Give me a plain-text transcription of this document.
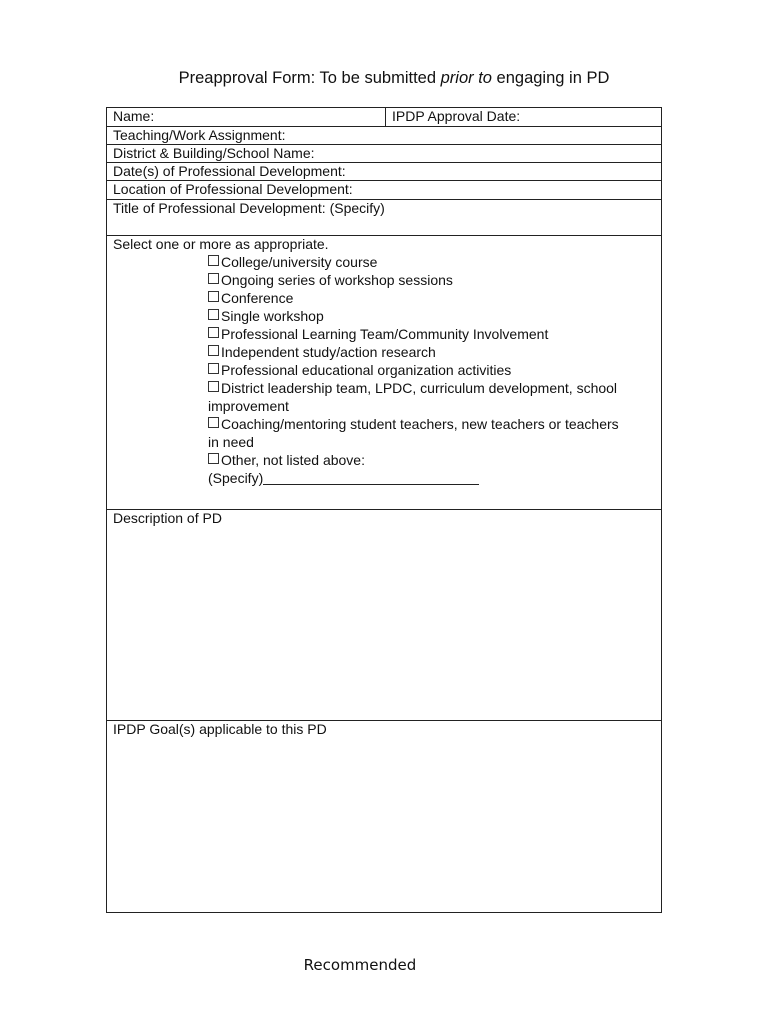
Preapproval Form: To be submitted prior to engaging in PD
Name:	IPDP Approval Date:
Teaching/Work Assignment:
District & Building/School Name:
Date(s) of Professional Development:
Location of Professional Development:
Title of Professional Development: (Specify)
Select one or more as appropriate.
College/university course
Ongoing series of workshop sessions
Conference
Single workshop
Professional Learning Team/Community Involvement
Independent study/action research
Professional educational organization activities
District leadership team, LPDC, curriculum development, school improvement
Coaching/mentoring student teachers, new teachers or teachers in need
Other, not listed above:
(Specify)
Description of PD
IPDP Goal(s) applicable to this PD
Recommended
